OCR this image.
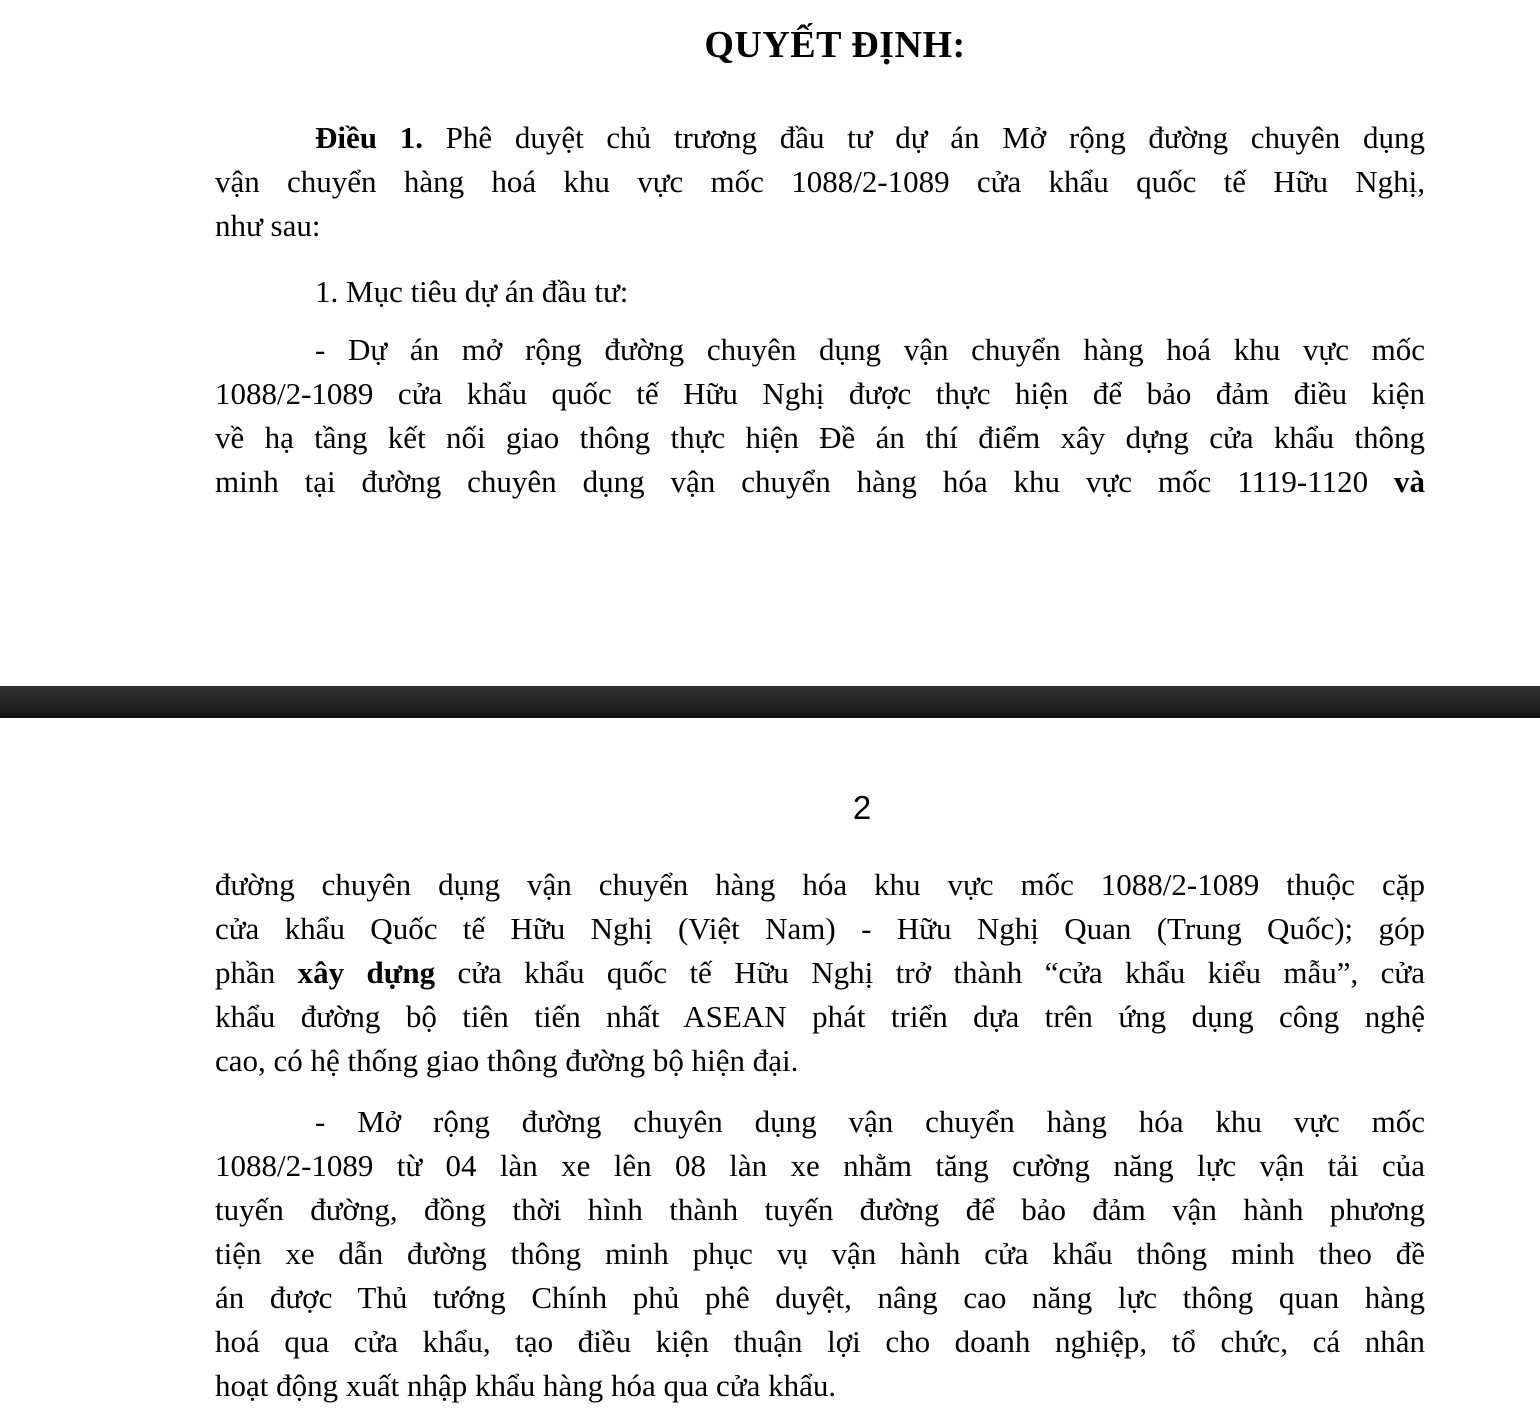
QUYẾT ĐỊNH:
Điều 1. Phê duyệt chủ trương đầu tư dự án Mở rộng đường chuyên dụng
vận chuyển hàng hoá khu vực mốc 1088/2-1089 cửa khẩu quốc tế Hữu Nghị,
như sau:
1. Mục tiêu dự án đầu tư:
- Dự án mở rộng đường chuyên dụng vận chuyển hàng hoá khu vực mốc
1088/2-1089 cửa khẩu quốc tế Hữu Nghị được thực hiện để bảo đảm điều kiện
về hạ tầng kết nối giao thông thực hiện Đề án thí điểm xây dựng cửa khẩu thông
minh tại đường chuyên dụng vận chuyển hàng hóa khu vực mốc 1119-1120 và
2
đường chuyên dụng vận chuyển hàng hóa khu vực mốc 1088/2-1089 thuộc cặp
cửa khẩu Quốc tế Hữu Nghị (Việt Nam) - Hữu Nghị Quan (Trung Quốc); góp
phần xây dựng cửa khẩu quốc tế Hữu Nghị trở thành “cửa khẩu kiểu mẫu”, cửa
khẩu đường bộ tiên tiến nhất ASEAN phát triển dựa trên ứng dụng công nghệ
cao, có hệ thống giao thông đường bộ hiện đại.
- Mở rộng đường chuyên dụng vận chuyển hàng hóa khu vực mốc
1088/2-1089 từ 04 làn xe lên 08 làn xe nhằm tăng cường năng lực vận tải của
tuyến đường, đồng thời hình thành tuyến đường để bảo đảm vận hành phương
tiện xe dẫn đường thông minh phục vụ vận hành cửa khẩu thông minh theo đề
án được Thủ tướng Chính phủ phê duyệt, nâng cao năng lực thông quan hàng
hoá qua cửa khẩu, tạo điều kiện thuận lợi cho doanh nghiệp, tổ chức, cá nhân
hoạt động xuất nhập khẩu hàng hóa qua cửa khẩu.
